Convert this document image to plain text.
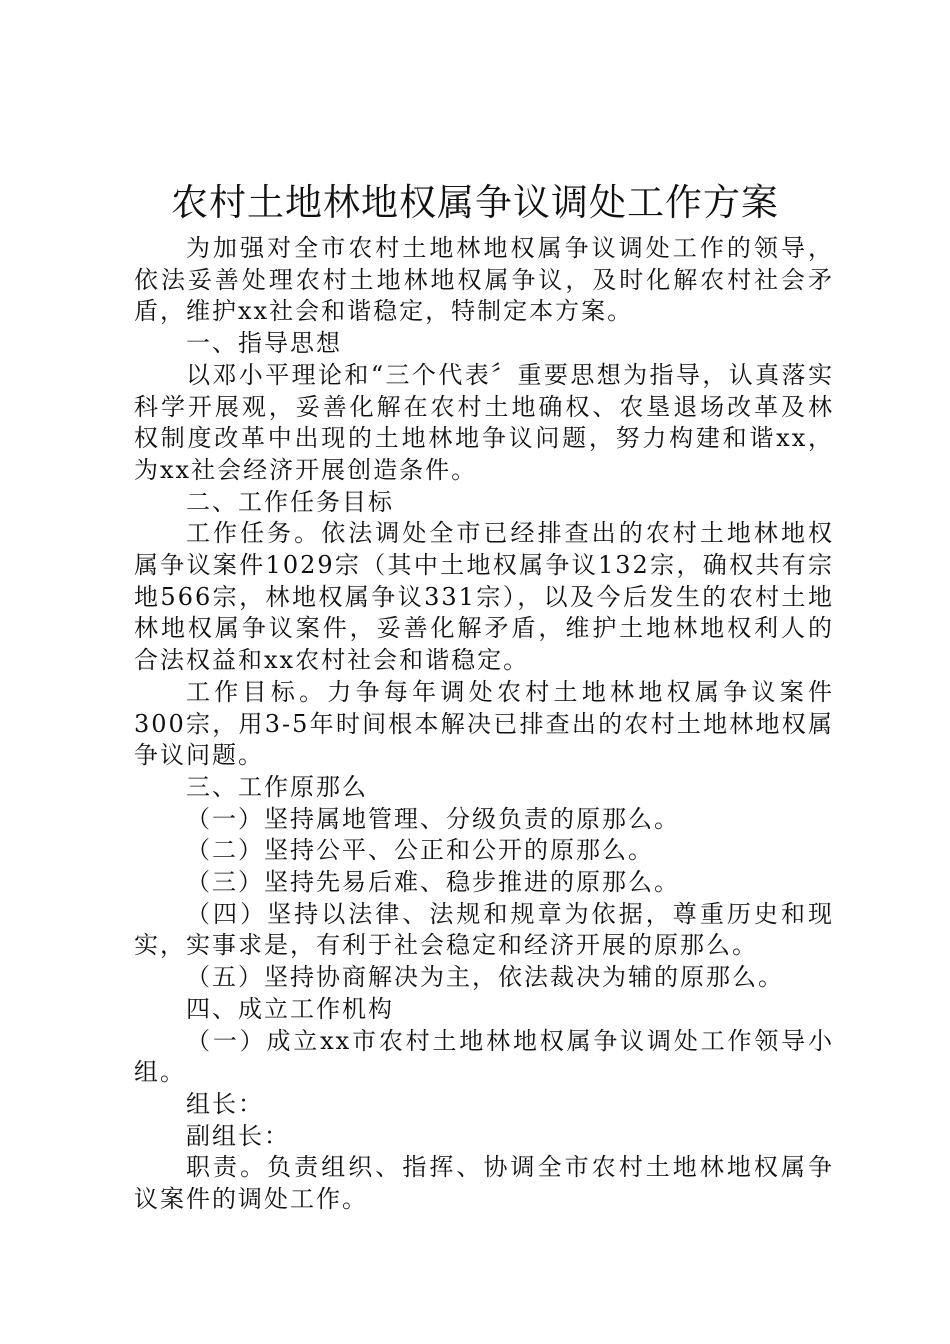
农村土地林地权属争议调处工作方案

为加强对全市农村土地林地权属争议调处工作的领导，依法妥善处理农村土地林地权属争议，及时化解农村社会矛盾，维护xx社会和谐稳定，特制定本方案。

一、指导思想

以邓小平理论和“三个代表〞重要思想为指导，认真落实科学开展观，妥善化解在农村土地确权、农垦退场改革及林权制度改革中出现的土地林地争议问题，努力构建和谐xx，为xx社会经济开展创造条件。

二、工作任务目标

工作任务。依法调处全市已经排查出的农村土地林地权属争议案件1029宗（其中土地权属争议132宗，确权共有宗地566宗，林地权属争议331宗），以及今后发生的农村土地林地权属争议案件，妥善化解矛盾，维护土地林地权利人的合法权益和xx农村社会和谐稳定。

工作目标。力争每年调处农村土地林地权属争议案件300宗，用3-5年时间根本解决已排查出的农村土地林地权属争议问题。

三、工作原那么

（一）坚持属地管理、分级负责的原那么。

（二）坚持公平、公正和公开的原那么。

（三）坚持先易后难、稳步推进的原那么。

（四）坚持以法律、法规和规章为依据，尊重历史和现实，实事求是，有利于社会稳定和经济开展的原那么。

（五）坚持协商解决为主，依法裁决为辅的原那么。

四、成立工作机构

（一）成立xx市农村土地林地权属争议调处工作领导小组。

组长：

副组长：

职责。负责组织、指挥、协调全市农村土地林地权属争议案件的调处工作。
